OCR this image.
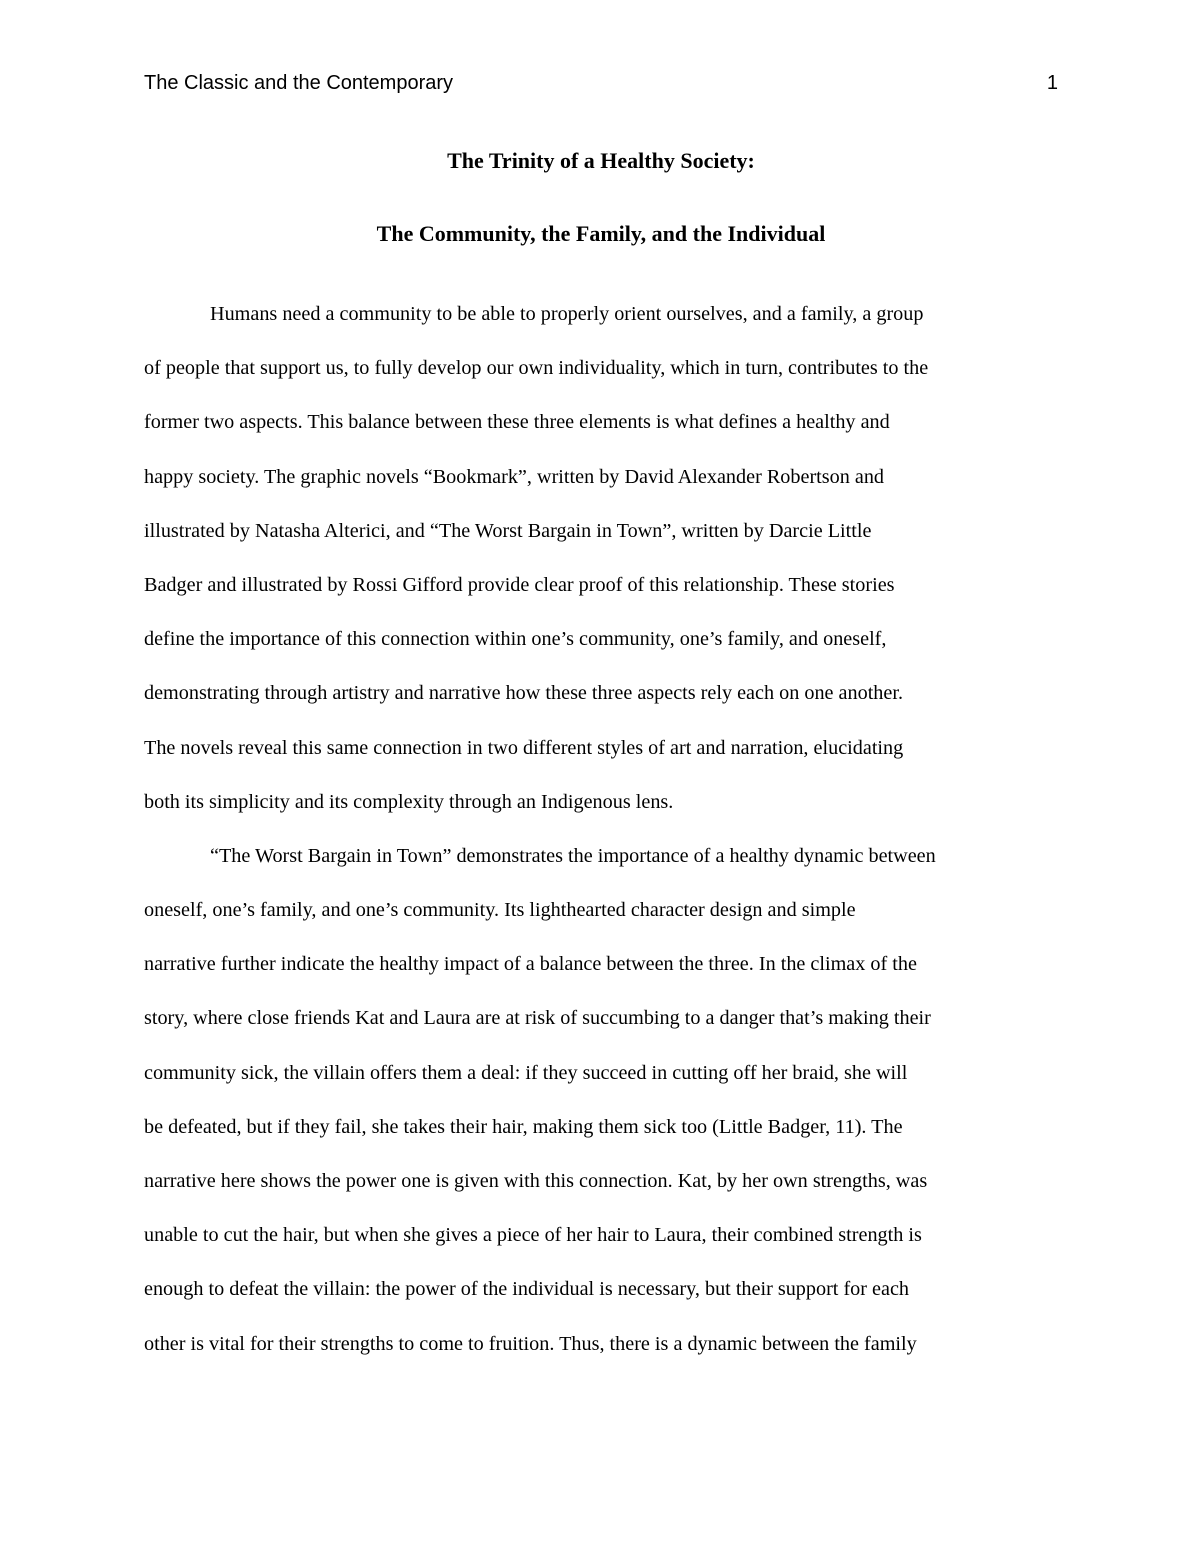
The Classic and the Contemporary	1
The Trinity of a Healthy Society:
The Community, the Family, and the Individual
Humans need a community to be able to properly orient ourselves, and a family, a group
of people that support us, to fully develop our own individuality, which in turn, contributes to the
former two aspects. This balance between these three elements is what defines a healthy and
happy society. The graphic novels “Bookmark”, written by David Alexander Robertson and
illustrated by Natasha Alterici, and “The Worst Bargain in Town”, written by Darcie Little
Badger and illustrated by Rossi Gifford provide clear proof of this relationship. These stories
define the importance of this connection within one’s community, one’s family, and oneself,
demonstrating through artistry and narrative how these three aspects rely each on one another.
The novels reveal this same connection in two different styles of art and narration, elucidating
both its simplicity and its complexity through an Indigenous lens.
“The Worst Bargain in Town” demonstrates the importance of a healthy dynamic between
oneself, one’s family, and one’s community. Its lighthearted character design and simple
narrative further indicate the healthy impact of a balance between the three. In the climax of the
story, where close friends Kat and Laura are at risk of succumbing to a danger that’s making their
community sick, the villain offers them a deal: if they succeed in cutting off her braid, she will
be defeated, but if they fail, she takes their hair, making them sick too (Little Badger, 11). The
narrative here shows the power one is given with this connection. Kat, by her own strengths, was
unable to cut the hair, but when she gives a piece of her hair to Laura, their combined strength is
enough to defeat the villain: the power of the individual is necessary, but their support for each
other is vital for their strengths to come to fruition. Thus, there is a dynamic between the family
